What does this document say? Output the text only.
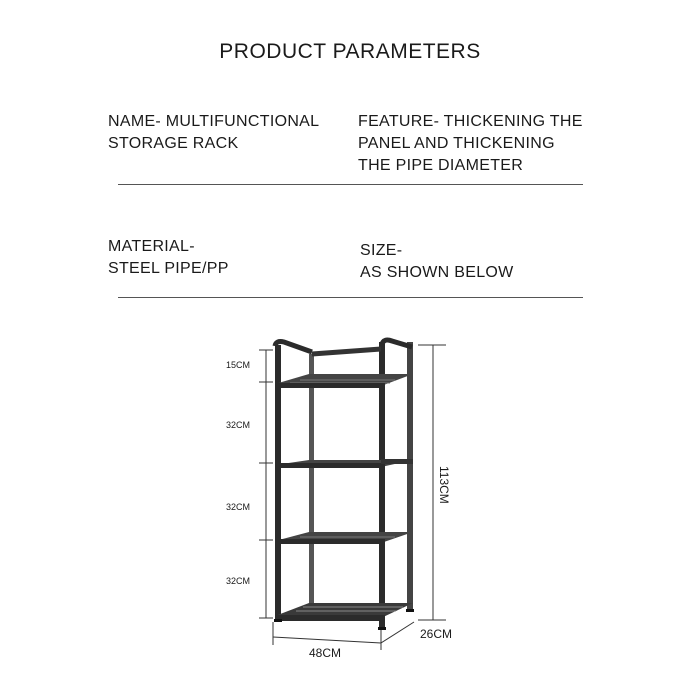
PRODUCT PARAMETERS
NAME- MULTIFUNCTIONAL
STORAGE RACK
FEATURE- THICKENING THE
PANEL AND THICKENING
THE PIPE DIAMETER
MATERIAL-
STEEL PIPE/PP
SIZE-
AS SHOWN BELOW
15CM
32CM
32CM
32CM
113CM
48CM
26CM
